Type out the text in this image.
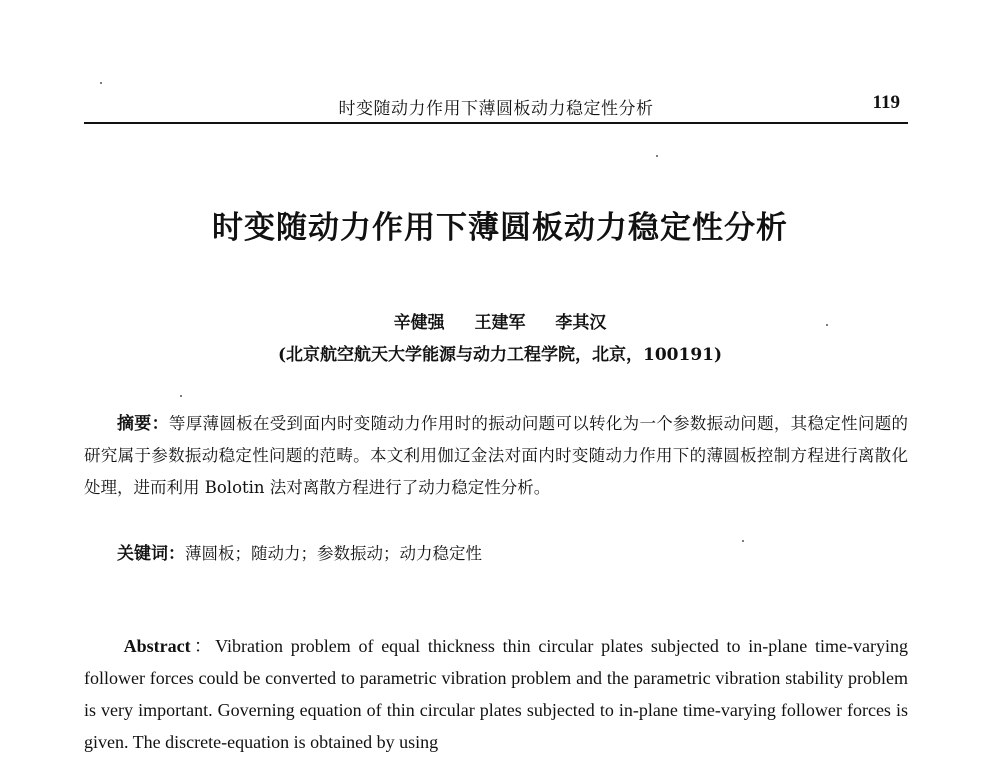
时变随动力作用下薄圆板动力稳定性分析	119
时变随动力作用下薄圆板动力稳定性分析
辛健强 王建军 李其汉
(北京航空航天大学能源与动力工程学院，北京，100191)

摘要：等厚薄圆板在受到面内时变随动力作用时的振动问题可以转化为一个参数振动问题，其稳定性问题的研究属于参数振动稳定性问题的范畴。本文利用伽辽金法对面内时变随动力作用下的薄圆板控制方程进行离散化处理，进而利用 Bolotin 法对离散方程进行了动力稳定性分析。

关键词：薄圆板；随动力；参数振动；动力稳定性

Abstract：Vibration problem of equal thickness thin circular plates subjected to in-plane time-varying follower forces could be converted to parametric vibration problem and the parametric vibration stability problem is very important. Governing equation of thin circular plates subjected to in-plane time-varying follower forces is given. The discrete-equation is obtained by using
